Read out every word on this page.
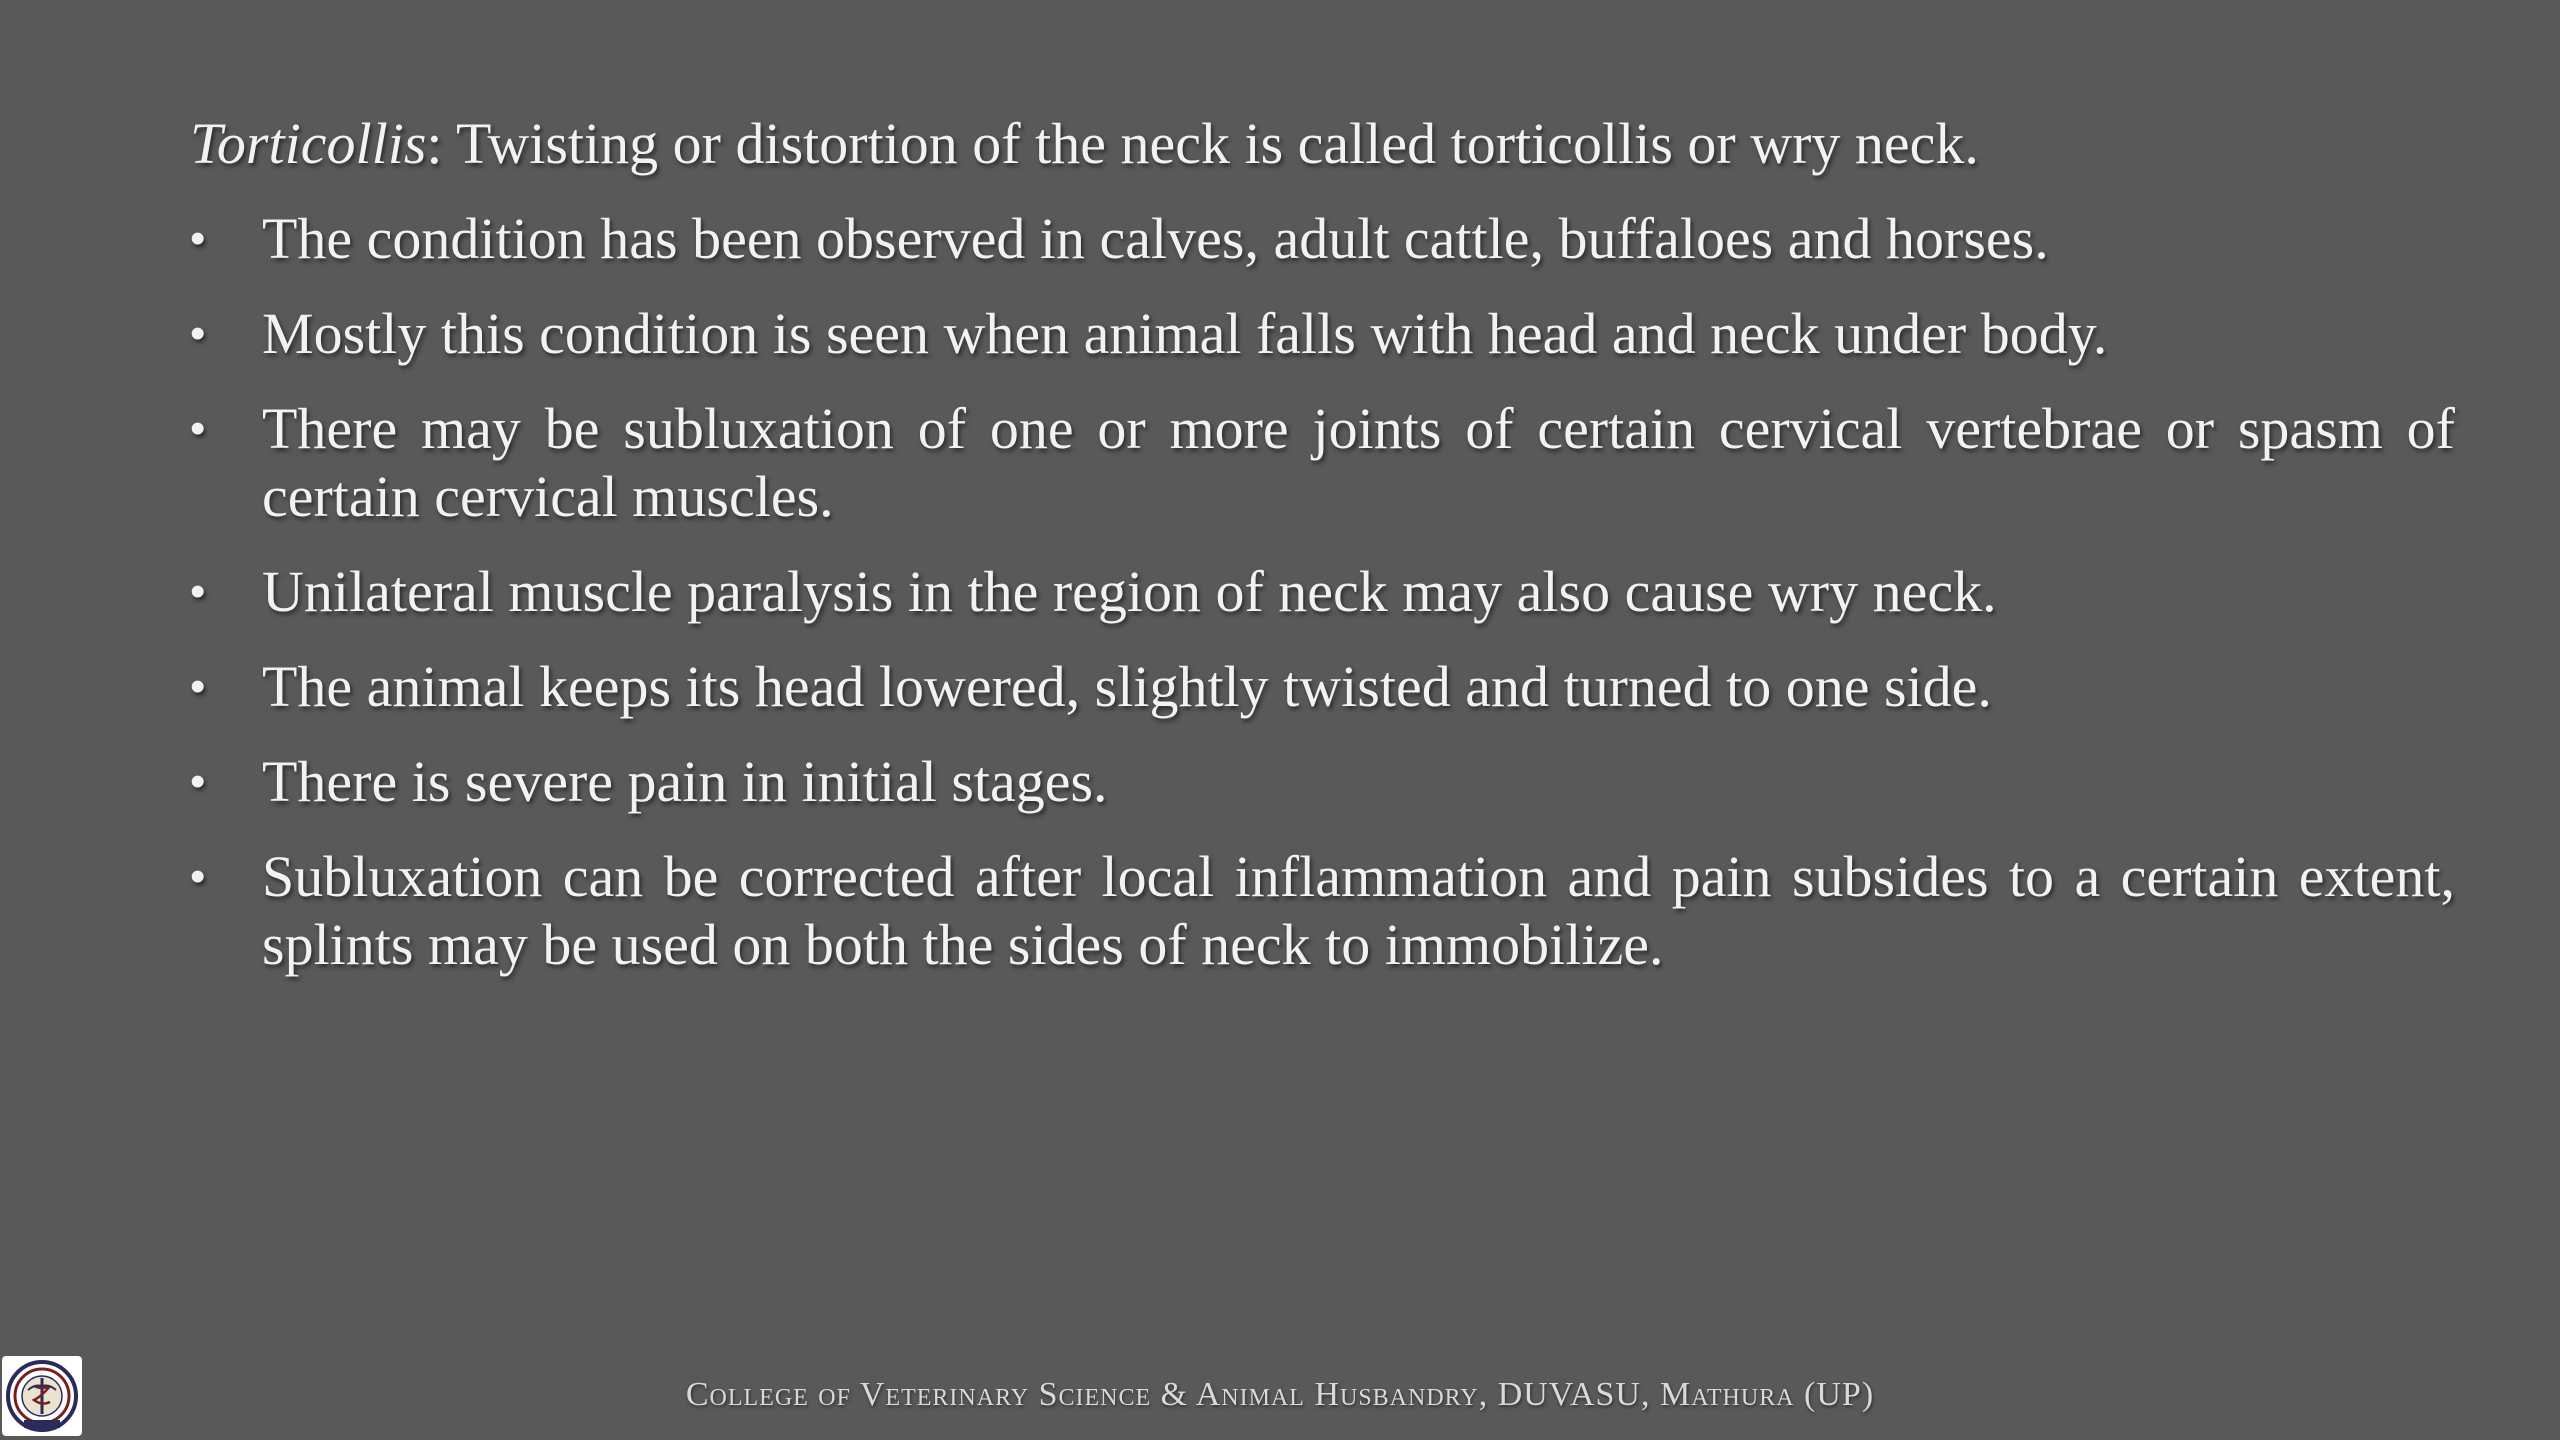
Torticollis: Twisting or distortion of the neck is called torticollis or wry neck.

• The condition has been observed in calves, adult cattle, buffaloes and horses.
• Mostly this condition is seen when animal falls with head and neck under body.
• There may be subluxation of one or more joints of certain cervical vertebrae or spasm of certain cervical muscles.
• Unilateral muscle paralysis in the region of neck may also cause wry neck.
• The animal keeps its head lowered, slightly twisted and turned to one side.
• There is severe pain in initial stages.
• Subluxation can be corrected after local inflammation and pain subsides to a certain extent, splints may be used on both the sides of neck to immobilize.
College of Veterinary Science & Animal Husbandry, DUVASU, Mathura (UP)
